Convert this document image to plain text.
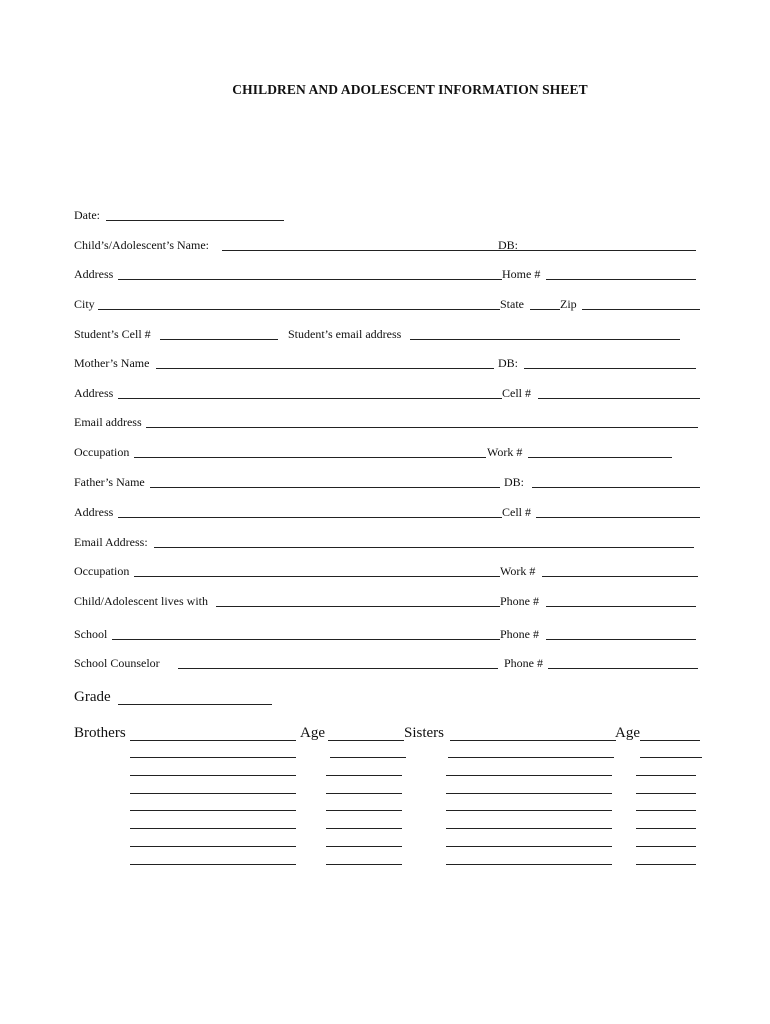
CHILDREN AND ADOLESCENT INFORMATION SHEET
Date:
Child’s/Adolescent’s Name:	DB:
Address	Home #
City	State	Zip
Student’s Cell #	Student’s email address
Mother’s Name	DB:
Address	Cell #
Email address
Occupation	Work #
Father’s Name	DB:
Address	Cell #
Email Address:
Occupation	Work #
Child/Adolescent lives with	Phone #
School	Phone #
School Counselor	Phone #
Grade
Brothers	Age	Sisters	Age
